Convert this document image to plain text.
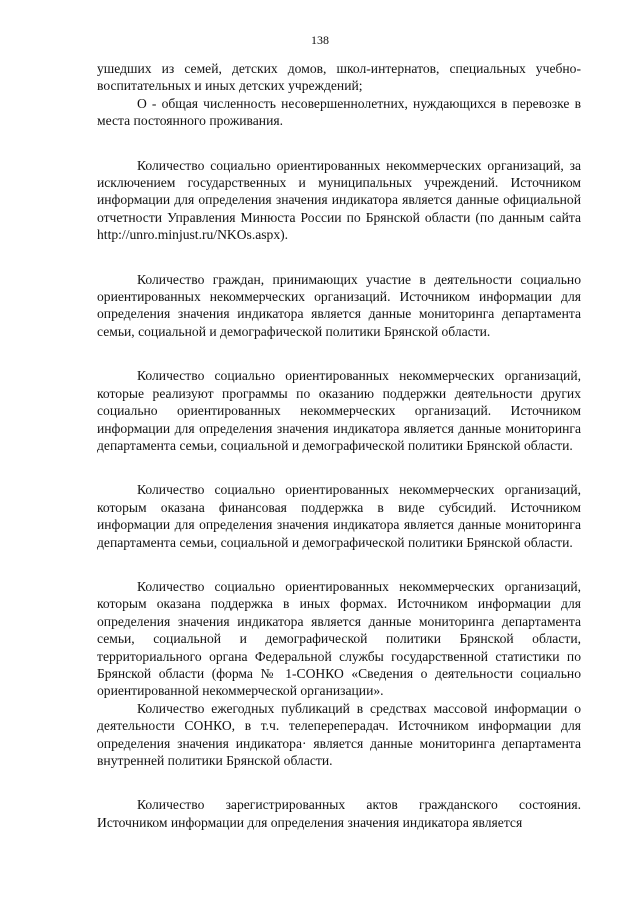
138

ушедших из семей, детских домов, школ-интернатов, специальных учебно-воспитательных и иных детских учреждений;

О - общая численность несовершеннолетних, нуждающихся в перевозке в места постоянного проживания.

Количество социально ориентированных некоммерческих организаций, за исключением государственных и муниципальных учреждений. Источником информации для определения значения индикатора является данные официальной отчетности Управления Минюста России по Брянской области (по данным сайта http://unro.minjust.ru/NKOs.aspx).

Количество граждан, принимающих участие в деятельности социально ориентированных некоммерческих организаций. Источником информации для определения значения индикатора является данные мониторинга департамента семьи, социальной и демографической политики Брянской области.

Количество социально ориентированных некоммерческих организаций, которые реализуют программы по оказанию поддержки деятельности других социально ориентированных некоммерческих организаций. Источником информации для определения значения индикатора является данные мониторинга департамента семьи, социальной и демографической политики Брянской области.

Количество социально ориентированных некоммерческих организаций, которым оказана финансовая поддержка в виде субсидий. Источником информации для определения значения индикатора является данные мониторинга департамента семьи, социальной и демографической политики Брянской области.

Количество социально ориентированных некоммерческих организаций, которым оказана поддержка в иных формах. Источником информации для определения значения индикатора является данные мониторинга департамента семьи, социальной и демографической политики Брянской области, территориального органа Федеральной службы государственной статистики по Брянской области (форма № 1-СОНКО «Сведения о деятельности социально ориентированной некоммерческой организации».

Количество ежегодных публикаций в средствах массовой информации о деятельности СОНКО, в т.ч. телепереперадач. Источником информации для определения значения индикатора· является данные мониторинга департамента внутренней политики Брянской области.

Количество зарегистрированных актов гражданского состояния. Источником информации для определения значения индикатора является
